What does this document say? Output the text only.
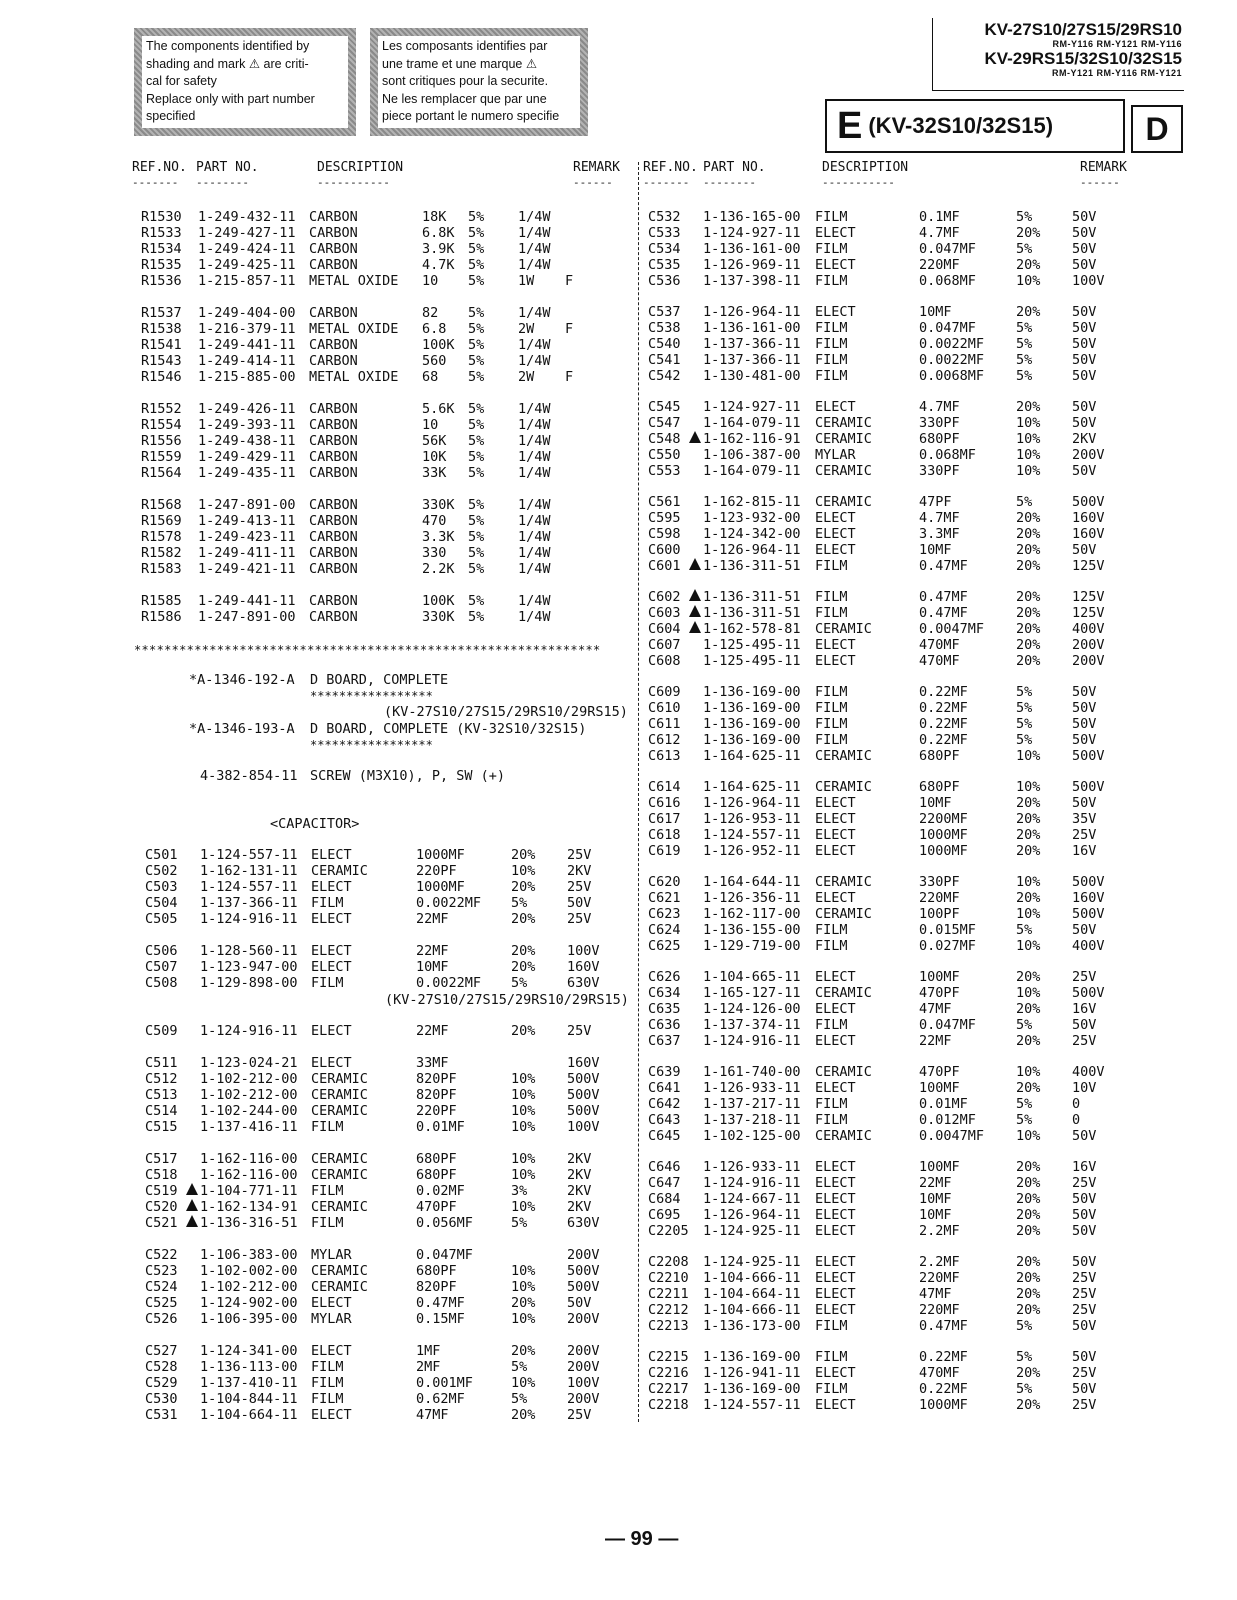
The components identified by
shading and mark ⚠ are criti-
cal for safety
Replace only with part number
specified
Les composants identifies par
une trame et une marque ⚠
sont critiques pour la securite.
Ne les remplacer que par une
piece portant le numero specifie
KV-27S10/27S15/29RS10
RM-Y116 RM-Y121 RM-Y116
KV-29RS15/32S10/32S15
RM-Y121 RM-Y116 RM-Y121
E (KV-32S10/32S15)	D
REF.NO. PART NO.	DESCRIPTION	REMARK REF.NO. PART NO.	DESCRIPTION	REMARK
------- --------	-----------	------	------- --------	-----------	------
**************************************************************
*A-1346-192-A D BOARD, COMPLETE
*****************
(KV-27S10/27S15/29RS10/29RS15)
*A-1346-193-A D BOARD, COMPLETE (KV-32S10/32S15)
*****************
4-382-854-11 SCREW (M3X10), P, SW (+)
<CAPACITOR>
(KV-27S10/27S15/29RS10/29RS15)
R1530 1-249-432-11 CARBON	18K 5% 1/4W
R1533 1-249-427-11 CARBON	6.8K 5% 1/4W
R1534 1-249-424-11 CARBON	3.9K 5% 1/4W
R1535 1-249-425-11 CARBON	4.7K 5% 1/4W
R1536 1-215-857-11 METAL OXIDE 10 5% 1W F
R1537 1-249-404-00 CARBON	82 5% 1/4W
R1538 1-216-379-11 METAL OXIDE 6.8 5% 2W F
R1541 1-249-441-11 CARBON	100K 5% 1/4W
R1543 1-249-414-11 CARBON	560 5% 1/4W
R1546 1-215-885-00 METAL OXIDE 68 5% 2W F
R1552 1-249-426-11 CARBON	5.6K 5% 1/4W
R1554 1-249-393-11 CARBON	10 5% 1/4W
R1556 1-249-438-11 CARBON	56K 5% 1/4W
R1559 1-249-429-11 CARBON	10K 5% 1/4W
R1564 1-249-435-11 CARBON	33K 5% 1/4W
R1568 1-247-891-00 CARBON	330K 5% 1/4W
R1569 1-249-413-11 CARBON	470 5% 1/4W
R1578 1-249-423-11 CARBON	3.3K 5% 1/4W
R1582 1-249-411-11 CARBON	330 5% 1/4W
R1583 1-249-421-11 CARBON	2.2K 5% 1/4W
R1585 1-249-441-11 CARBON	100K 5% 1/4W
R1586 1-247-891-00 CARBON	330K 5% 1/4W
C501 1-124-557-11 ELECT	1000MF	20% 25V
C502 1-162-131-11 CERAMIC	220PF	10% 2KV
C503 1-124-557-11 ELECT	1000MF	20% 25V
C504 1-137-366-11 FILM	0.0022MF 5%	50V
C505 1-124-916-11 ELECT	22MF	20% 25V
C506 1-128-560-11 ELECT	22MF	20% 100V
C507 1-123-947-00 ELECT	10MF	20% 160V
C508 1-129-898-00 FILM	0.0022MF 5%	630V
C509 1-124-916-11 ELECT	22MF	20% 25V
C511 1-123-024-21 ELECT	33MF	160V
C512 1-102-212-00 CERAMIC	820PF	10% 500V
C513 1-102-212-00 CERAMIC	820PF	10% 500V
C514 1-102-244-00 CERAMIC	220PF	10% 500V
C515 1-137-416-11 FILM	0.01MF	10% 100V
C517 1-162-116-00 CERAMIC	680PF	10% 2KV
C518 1-162-116-00 CERAMIC	680PF	10% 2KV
C519 1-104-771-11 FILM	0.02MF	3%	2KV
C520 1-162-134-91 CERAMIC	470PF	10% 2KV
C521 1-136-316-51 FILM	0.056MF	5%	630V
C522 1-106-383-00 MYLAR	0.047MF	200V
C523 1-102-002-00 CERAMIC	680PF	10% 500V
C524 1-102-212-00 CERAMIC	820PF	10% 500V
C525 1-124-902-00 ELECT	0.47MF	20% 50V
C526 1-106-395-00 MYLAR	0.15MF	10% 200V
C527 1-124-341-00 ELECT	1MF	20% 200V
C528 1-136-113-00 FILM	2MF	5%	200V
C529 1-137-410-11 FILM	0.001MF	10% 100V
C530 1-104-844-11 FILM	0.62MF	5%	200V
C531 1-104-664-11 ELECT	47MF	20% 25V
C532 1-136-165-00 FILM	0.1MF	5%	50V
C533 1-124-927-11 ELECT	4.7MF	20% 50V
C534 1-136-161-00 FILM	0.047MF	5%	50V
C535 1-126-969-11 ELECT	220MF	20% 50V
C536 1-137-398-11 FILM	0.068MF	10% 100V
C537 1-126-964-11 ELECT	10MF	20% 50V
C538 1-136-161-00 FILM	0.047MF	5%	50V
C540 1-137-366-11 FILM	0.0022MF 5%	50V
C541 1-137-366-11 FILM	0.0022MF 5%	50V
C542 1-130-481-00 FILM	0.0068MF 5%	50V
C545 1-124-927-11 ELECT	4.7MF	20% 50V
C547 1-164-079-11 CERAMIC	330PF	10% 50V
C548 1-162-116-91 CERAMIC	680PF	10% 2KV
C550 1-106-387-00 MYLAR	0.068MF	10% 200V
C553 1-164-079-11 CERAMIC	330PF	10% 50V
C561 1-162-815-11 CERAMIC	47PF	5%	500V
C595 1-123-932-00 ELECT	4.7MF	20% 160V
C598 1-124-342-00 ELECT	3.3MF	20% 160V
C600 1-126-964-11 ELECT	10MF	20% 50V
C601 1-136-311-51 FILM	0.47MF	20% 125V
C602 1-136-311-51 FILM	0.47MF	20% 125V
C603 1-136-311-51 FILM	0.47MF	20% 125V
C604 1-162-578-81 CERAMIC	0.0047MF 20% 400V
C607 1-125-495-11 ELECT	470MF	20% 200V
C608 1-125-495-11 ELECT	470MF	20% 200V
C609 1-136-169-00 FILM	0.22MF	5%	50V
C610 1-136-169-00 FILM	0.22MF	5%	50V
C611 1-136-169-00 FILM	0.22MF	5%	50V
C612 1-136-169-00 FILM	0.22MF	5%	50V
C613 1-164-625-11 CERAMIC	680PF	10% 500V
C614 1-164-625-11 CERAMIC	680PF	10% 500V
C616 1-126-964-11 ELECT	10MF	20% 50V
C617 1-126-953-11 ELECT	2200MF	20% 35V
C618 1-124-557-11 ELECT	1000MF	20% 25V
C619 1-126-952-11 ELECT	1000MF	20% 16V
C620 1-164-644-11 CERAMIC	330PF	10% 500V
C621 1-126-356-11 ELECT	220MF	20% 160V
C623 1-162-117-00 CERAMIC	100PF	10% 500V
C624 1-136-155-00 FILM	0.015MF	5%	50V
C625 1-129-719-00 FILM	0.027MF	10% 400V
C626 1-104-665-11 ELECT	100MF	20% 25V
C634 1-165-127-11 CERAMIC	470PF	10% 500V
C635 1-124-126-00 ELECT	47MF	20% 16V
C636 1-137-374-11 FILM	0.047MF	5%	50V
C637 1-124-916-11 ELECT	22MF	20% 25V
C639 1-161-740-00 CERAMIC	470PF	10% 400V
C641 1-126-933-11 ELECT	100MF	20% 10V
C642 1-137-217-11 FILM	0.01MF	5%	0
C643 1-137-218-11 FILM	0.012MF	5%	0
C645 1-102-125-00 CERAMIC	0.0047MF 10% 50V
C646 1-126-933-11 ELECT	100MF	20% 16V
C647 1-124-916-11 ELECT	22MF	20% 25V
C684 1-124-667-11 ELECT	10MF	20% 50V
C695 1-126-964-11 ELECT	10MF	20% 50V
C2205 1-124-925-11 ELECT	2.2MF	20% 50V
C2208 1-124-925-11 ELECT	2.2MF	20% 50V
C2210 1-104-666-11 ELECT	220MF	20% 25V
C2211 1-104-664-11 ELECT	47MF	20% 25V
C2212 1-104-666-11 ELECT	220MF	20% 25V
C2213 1-136-173-00 FILM	0.47MF	5%	50V
C2215 1-136-169-00 FILM	0.22MF	5%	50V
C2216 1-126-941-11 ELECT	470MF	20% 25V
C2217 1-136-169-00 FILM	0.22MF	5%	50V
C2218 1-124-557-11 ELECT	1000MF	20% 25V
— 99 —
